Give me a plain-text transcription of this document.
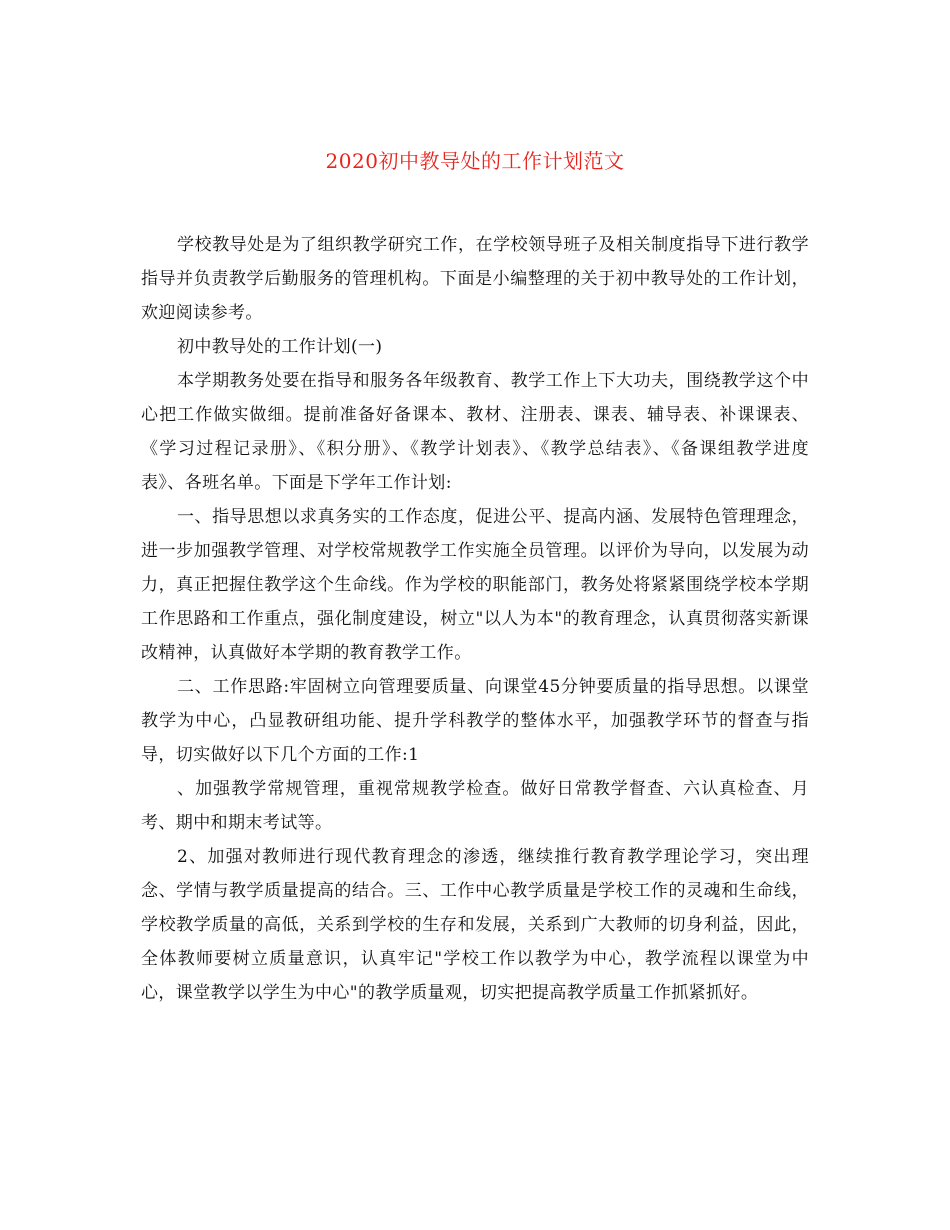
2020初中教导处的工作计划范文

学校教导处是为了组织教学研究工作，在学校领导班子及相关制度指导下进行教学指导并负责教学后勤服务的管理机构。下面是小编整理的关于初中教导处的工作计划，欢迎阅读参考。

初中教导处的工作计划(一)

本学期教务处要在指导和服务各年级教育、教学工作上下大功夫，围绕教学这个中心把工作做实做细。提前准备好备课本、教材、注册表、课表、辅导表、补课课表、《学习过程记录册》、《积分册》、《教学计划表》、《教学总结表》、《备课组教学进度表》、各班名单。下面是下学年工作计划:

一、指导思想以求真务实的工作态度，促进公平、提高内涵、发展特色管理理念，进一步加强教学管理、对学校常规教学工作实施全员管理。以评价为导向，以发展为动力，真正把握住教学这个生命线。作为学校的职能部门，教务处将紧紧围绕学校本学期工作思路和工作重点，强化制度建设，树立"以人为本"的教育理念，认真贯彻落实新课改精神，认真做好本学期的教育教学工作。

二、工作思路:牢固树立向管理要质量、向课堂45分钟要质量的指导思想。以课堂教学为中心，凸显教研组功能、提升学科教学的整体水平，加强教学环节的督查与指导，切实做好以下几个方面的工作:1

、加强教学常规管理，重视常规教学检查。做好日常教学督查、六认真检查、月考、期中和期末考试等。

2、加强对教师进行现代教育理念的渗透，继续推行教育教学理论学习，突出理念、学情与教学质量提高的结合。三、工作中心教学质量是学校工作的灵魂和生命线，学校教学质量的高低，关系到学校的生存和发展，关系到广大教师的切身利益，因此，全体教师要树立质量意识，认真牢记"学校工作以教学为中心，教学流程以课堂为中心，课堂教学以学生为中心"的教学质量观，切实把提高教学质量工作抓紧抓好。
